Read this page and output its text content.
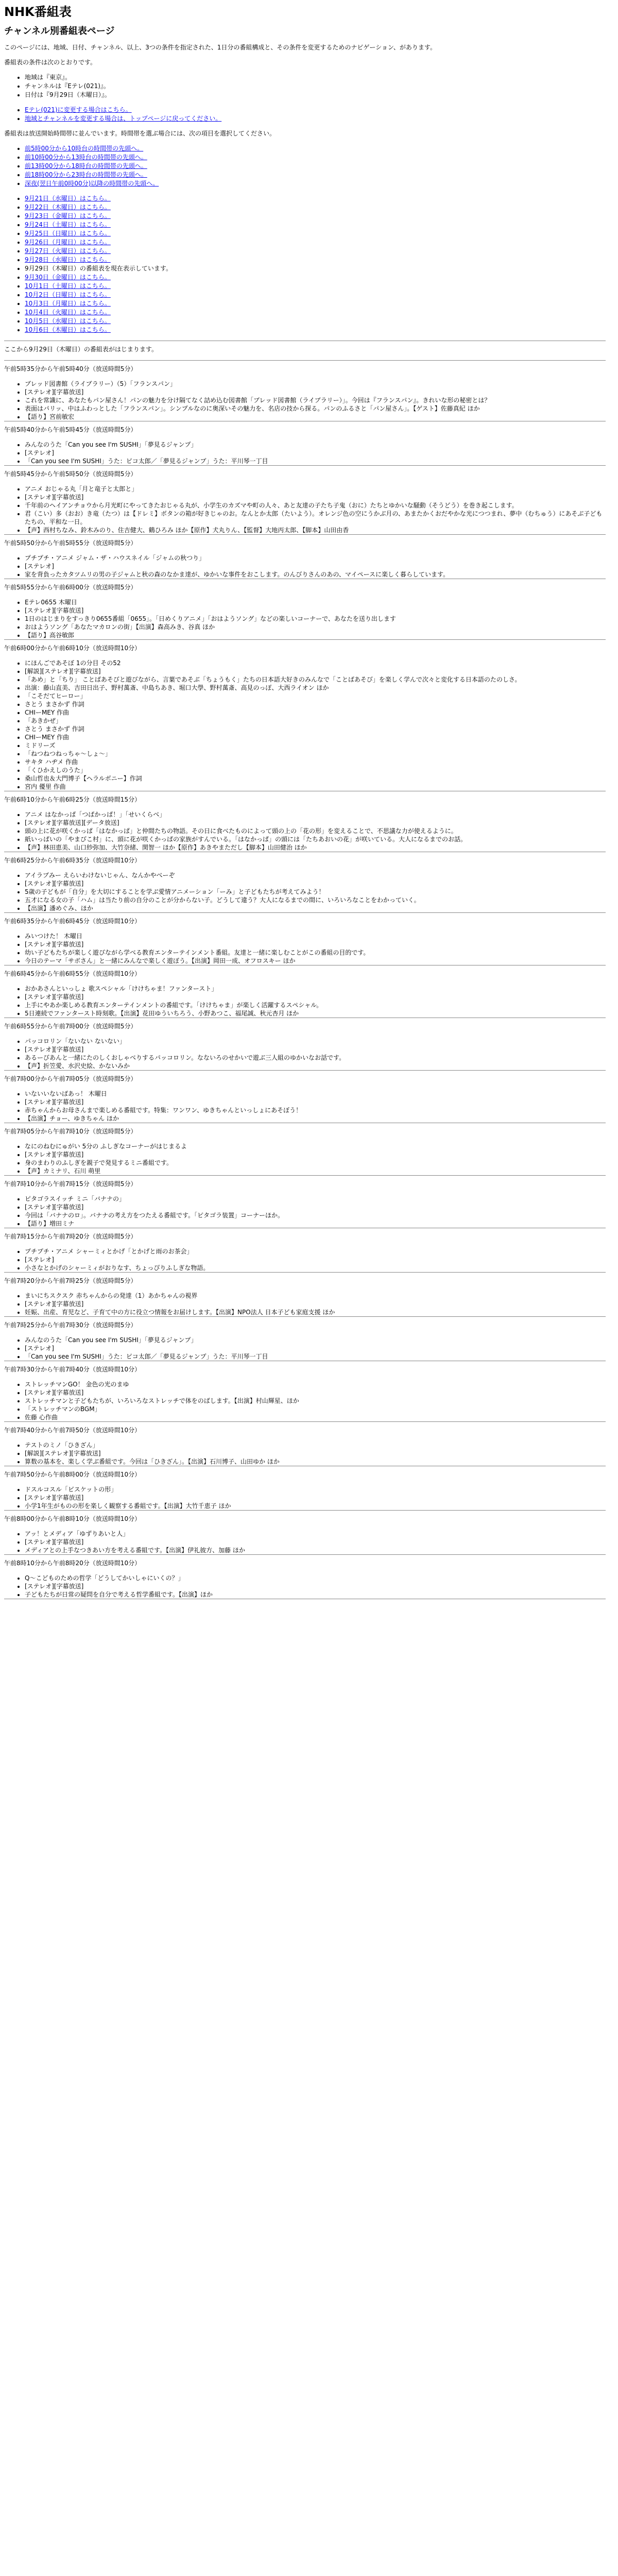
NHK番組表
チャンネル別番組表ページ

このページには、地域、日付、チャンネル、以上、3つの条件を指定された、1日分の番組構成と、その条件を変更するためのナビゲーション、があります。

番組表の条件は次のとおりです。

• 地域は『東京』。
• チャンネルは『Eテレ(021)』。
• 日付は『9月29日（木曜日）』。
• Eテレ(021)に変更する場合はこちら。
• 地域とチャンネルを変更する場合は、トップページに戻ってください。

番組表は放送開始時間帯に並んでいます。時間帯を選ぶ場合には、次の項目を選択してください。

• 前5時00分から10時台の時間帯の先頭へ。
• 前10時00分から13時台の時間帯の先頭へ。
• 前13時00分から18時台の時間帯の先頭へ。
• 前18時00分から23時台の時間帯の先頭へ。
• 深夜(翌日午前0時00分)以降の時間帯の先頭へ。
• 9月21日（水曜日）はこちら。
• 9月22日（木曜日）はこちら。
• 9月23日（金曜日）はこちら。
• 9月24日（土曜日）はこちら。
• 9月25日（日曜日）はこちら。
• 9月26日（月曜日）はこちら。
• 9月27日（火曜日）はこちら。
• 9月28日（水曜日）はこちら。
• 9月29日（木曜日）の番組表を現在表示しています。
• 9月30日（金曜日）はこちら。
• 10月1日（土曜日）はこちら。
• 10月2日（日曜日）はこちら。
• 10月3日（月曜日）はこちら。
• 10月4日（火曜日）はこちら。
• 10月5日（水曜日）はこちら。
• 10月6日（木曜日）はこちら。

ここから9月29日（木曜日）の番組表がはじまります。

午前5時35分から午前5時40分（放送時間5分）

• ブレッド図書館（ライブラリー）（5）「フランスパン」
• [ステレオ][字幕放送]
• これを常識に、あなたもパン屋さん！パンの魅力を分け隔てなく詰め込む図書館「ブレッド図書館（ライブラリー）」。今回は『フランスパン』。きれいな形の秘密とは？
• 表面はパリッ、中はふわっとした「フランスパン」。シンプルなのに奥深いその魅力を、名店の技から探る。パンのふるさと「パン屋さん」。【ゲスト】佐藤真紀 ほか
• 【語り】宮前敏宏

午前5時40分から午前5時45分（放送時間5分）

• みんなのうた「Can you see I'm SUSHI」「夢見るジャンプ」
• [ステレオ]
• 「Can you see I'm SUSHI」うた：ピコ太郎／「夢見るジャンプ」うた：平川琴一丁目

午前5時45分から午前5時50分（放送時間5分）

• アニメ おじゃる丸「月と竜子と太郎と」
• [ステレオ][字幕放送]
• 千年前のヘイアンチョウから月光町にやってきたおじゃる丸が、小学生のカズマや町の人々、あと友達の子たち子鬼（おに）たちとゆかいな騒動（そうどう）を巻き起こします。
• 君（こい）多（おお）き竜（たつ）は【ドレミ】ボタンの箱が好きじゃのお。なんとか太郎（たいよう）。オレンジ色の空にうかぶ月の、あまたかくおだやかな光につつまれ、夢中（むちゅう）にあそぶ子どもたちの、平和な一日。
• 【声】西村ちなみ、鈴木みのり、住吉健大、鶴ひろみ ほか【原作】犬丸りん、【監督】大地丙太郎、【脚本】山田由香

午前5時50分から午前5時55分（放送時間5分）

• プチプチ・アニメ ジャム・ザ・ハウスネイル「ジャムの秋つり」
• [ステレオ]
• 家を背負ったカタツムリの男の子ジャムと秋の森のなかま達が、ゆかいな事件をおこします。のんびりさんのあの、マイペースに楽しく暮らしています。

午前5時55分から午前6時00分（放送時間5分）

• Eテレ0655 木曜日
• [ステレオ][字幕放送]
• 1日のはじまりをすっきり0655番組「0655」。「日めくりアニメ」「おはようソング」などの楽しいコーナーで、あなたを送り出します
• おはようソング「あなたマカロンの街」【出演】森高みき、谷真 ほか
• 【語り】高谷敏郎

午前6時00分から午前6時10分（放送時間10分）

• にほんごであそぼ 1の分目 その52
• [解説][ステレオ][字幕放送]
• 「あめ」と「ちり」 ことばあそびと遊びながら、言葉であそぶ「ちょうもく」たちの日本語大好きのみんなで「ことばあそび」を楽しく学んで次々と変化する日本語のたのしさ。
• 出演：藤山直美、吉田日出子、野村萬斎、中島ちあき、堀口大學、野村萬斎、高見のっぽ、大西ライオン ほか
• 「こそだてヒーロー」
• さとう まさかず 作詞
• CHIーMEY 作曲
• 「あきかぜ」
• さとう まさかず 作詞
• CHIーMEY 作曲
• ミドリーズ
• 「ねつねつねっちゃ〜しょ〜」
• サキタ ハヂメ 作曲
• 「くひかえしのうた」
• 桑山哲也＆大門博子【ヘラルボニー】作詞
• 宮内 優里 作曲

午前6時10分から午前6時25分（放送時間15分）

• アニメ はなかっぱ「つばかっぱ！」「せいくらべ」
• [ステレオ][字幕放送][データ放送]
• 頭の上に花が咲くかっぱ「はなかっぱ」と仲間たちの物語。その日に食べたものによって頭の上の「花の形」を変えることで、不思議な力が使えるように。
• 紙いっぱいの「やまびこ村」に、頭に花が咲くかっぱの家族がすんでいる。「はなかっぱ」の頭には「たちあおいの花」が咲いている。大人になるまでのお話。
• 【声】林田恵美、山口紗弥加、大竹奈緒、関智一 ほか【原作】あきやまただし【脚本】山田健治 ほか

午前6時25分から午前6時35分（放送時間10分）

• アイラブみー えらいわけないじゃん、なんかやべーぞ
• [ステレオ][字幕放送]
• 5歳の子どもが「自分」を大切にすることを学ぶ愛情アニメーション「ーみ」と子どもたちが考えてみよう！
• 五才になる女の子「ハム」は当たり前の自分のことが分からない子。どうして違う？大人になるまでの間に、いろいろなことをわかっていく。
• 【出演】潘めぐみ、ほか

午前6時35分から午前6時45分（放送時間10分）

• みいつけた！ 木曜日
• [ステレオ][字幕放送]
• 幼い子どもたちが楽しく遊びながら学べる教育エンターテインメント番組。友達と一緒に楽しむことがこの番組の目的です。
• 今日のテーマ「サボさん」と一緒にみんなで楽しく遊ぼう。【出演】岡田一成、オフロスキー ほか

午前6時45分から午前6時55分（放送時間10分）

• おかあさんといっしょ 歌スペシャル「けけちゃま！ファンタースト」
• [ステレオ][字幕放送]
• 上手にやあか楽しめる教育エンターテインメントの番組です。「けけちゃま」が楽しく活躍するスペシャル。
• 5日連続でファンタースト時刻歌。【出演】花田ゆういちろう、小野あつこ、福尾誠、秋元杏月 ほか

午前6時55分から午前7時00分（放送時間5分）

• パッコロリン「ないない ないない」
• [ステレオ][字幕放送]
• あるーびあんと一緒にたのしくおしゃべりするパッコロリン。なないろのせかいで遊ぶ三人組のゆかいなお話です。
• 【声】折笠愛、水沢史絵、かないみか

午前7時00分から午前7時05分（放送時間5分）

• いないいないばあっ！ 木曜日
• [ステレオ][字幕放送]
• 赤ちゃんからお母さんまで楽しめる番組です。特集：ワンワン、ゆきちゃんといっしょにあそぼう！
• 【出演】チョー、ゆきちゃん ほか

午前7時05分から午前7時10分（放送時間5分）

• なにのねむにゅがい 5分の ふしぎなコーナーがはじまるよ
• [ステレオ][字幕放送]
• 身のまわりのふしぎを親子で発見するミニ番組です。
• 【声】カミナリ、石川 萌里

午前7時10分から午前7時15分（放送時間5分）

• ピタゴラスイッチ ミニ「バナナの」
• [ステレオ][字幕放送]
• 今回は「バナナのロ」。バナナの考え方をつたえる番組です。「ピタゴラ装置」コーナーほか。
• 【語り】増田ミナ

午前7時15分から午前7時20分（放送時間5分）

• プチプチ・アニメ シャーミィとかげ「とかげと雨のお茶会」
• [ステレオ]
• 小さなとかげのシャーミィがおりなす、ちょっぴりふしぎな物語。

午前7時20分から午前7時25分（放送時間5分）

• まいにちスクスク 赤ちゃんからの発達（1）あかちゃんの視界
• [ステレオ][字幕放送]
• 妊娠、出産、育児など、子育て中の方に役立つ情報をお届けします。【出演】NPO法人 日本子ども家庭支援 ほか

午前7時25分から午前7時30分（放送時間5分）

• みんなのうた「Can you see I'm SUSHI」「夢見るジャンプ」
• [ステレオ]
• 「Can you see I'm SUSHI」うた：ピコ太郎／「夢見るジャンプ」うた：平川琴一丁目

午前7時30分から午前7時40分（放送時間10分）

• ストレッチマンGO！ 金色の光のまゆ
• [ステレオ][字幕放送]
• ストレッチマンと子どもたちが、いろいろなストレッチで体をのばします。【出演】村山輝星、ほか
• 「ストレッチマンのBGM」
• 佐藤 心作曲

午前7時40分から午前7時50分（放送時間10分）

• テストのミノ「ひきざん」
• [解説][ステレオ][字幕放送]
• 算数の基本を、楽しく学ぶ番組です。今回は「ひきざん」。【出演】石川博子、山田ゆか ほか

午前7時50分から午前8時00分（放送時間10分）

• ドスルコスル「ビスケットの形」
• [ステレオ][字幕放送]
• 小学1年生がものの形を楽しく観察する番組です。【出演】大竹千恵子 ほか

午前8時00分から午前8時10分（放送時間10分）

• アッ！とメディア「ゆずりあいと人」
• [ステレオ][字幕放送]
• メディアとの上手なつきあい方を考える番組です。【出演】伊礼彼方、加藤 ほか

午前8時10分から午前8時20分（放送時間10分）

• Q〜こどものための哲学「どうしてかいしゃにいくの？」
• [ステレオ][字幕放送]
• 子どもたちが日常の疑問を自分で考える哲学番組です。【出演】ほか
